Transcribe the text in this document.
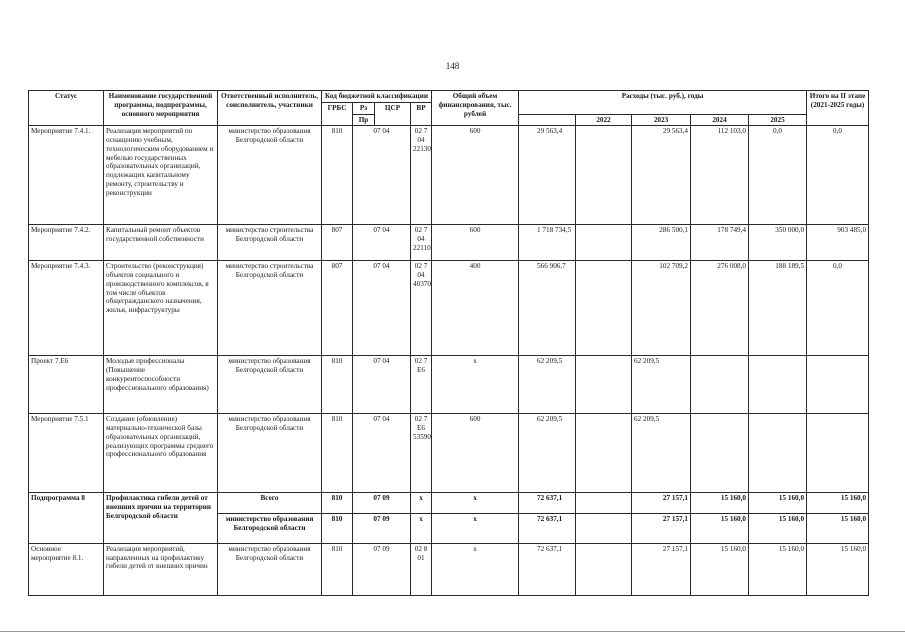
148
Статус	Наименование государственной программы, подпрограммы, основного мероприятия	Ответственный исполнитель, соисполнитель, участники	Код бюджетной классификации				Общий объем финансирования, тыс. рублей	Расходы (тыс. руб.), годы					Итого на II этапе (2021-2025 годы)	
			ГРБС	Рз	ЦСР	ВР								
				Пр					2022	2023	2024	2025		
Мероприятие 7.4.1.	Реализация мероприятий по оснащению учебным, технологическим оборудованием и мебелью государственных образовательных организаций, подлежащих капитальному ремонту, строительству и реконструкции	министерство образования Белгородской области	810	07 04		02 7 04 22130	600	29 563,4		29 563,4	112 103,0	0,0	0,0	
Мероприятие 7.4.2.	Капитальный ремонт объектов государственной собственности	министерство строительства Белгородской области	807	07 04		02 7 04 22110	600	1 718 734,5		286 500,1	178 749,4	350 000,0	903 485,0	
Мероприятие 7.4.3.	Строительство (реконструкция) объектов социального и производственного комплексов, в том числе объектов общегражданского назначения, жилья, инфраструктуры	министерство строительства Белгородской области	807	07 04		02 7 04 40370	400	566 906,7		102 709,2	276 008,0	188 189,5	0,0	
Проект 7.Е6	Молодые профессионалы (Повышение конкурентоспособности профессионального образования)	министерство образования Белгородской области	810	07 04		02 7 Е6	х	62 209,5		62 209,5				
Мероприятие 7.5.1	Создание (обновление) материально-технической базы образовательных организаций, реализующих программы среднего профессионального образования	министерство образования Белгородской области	810	07 04		02 7 Е6 53590	600	62 209,5		62 209,5				
Подпрограмма 8	Профилактика гибели детей от внешних причин на территории Белгородской области	Всего	810	07 09		х	х	72 637,1		27 157,1	15 160,0	15 160,0	15 160,0	
		министерство образования Белгородской области	810	07 09		х	х	72 637,1		27 157,1	15 160,0	15 160,0	15 160,0	
Основное мероприятие 8.1.	Реализация мероприятий, направленных на профилактику гибели детей от внешних причин	министерство образования Белгородской области	810	07 09		02 8 01	х	72 637,1		27 157,1	15 160,0	15 160,0	15 160,0	
